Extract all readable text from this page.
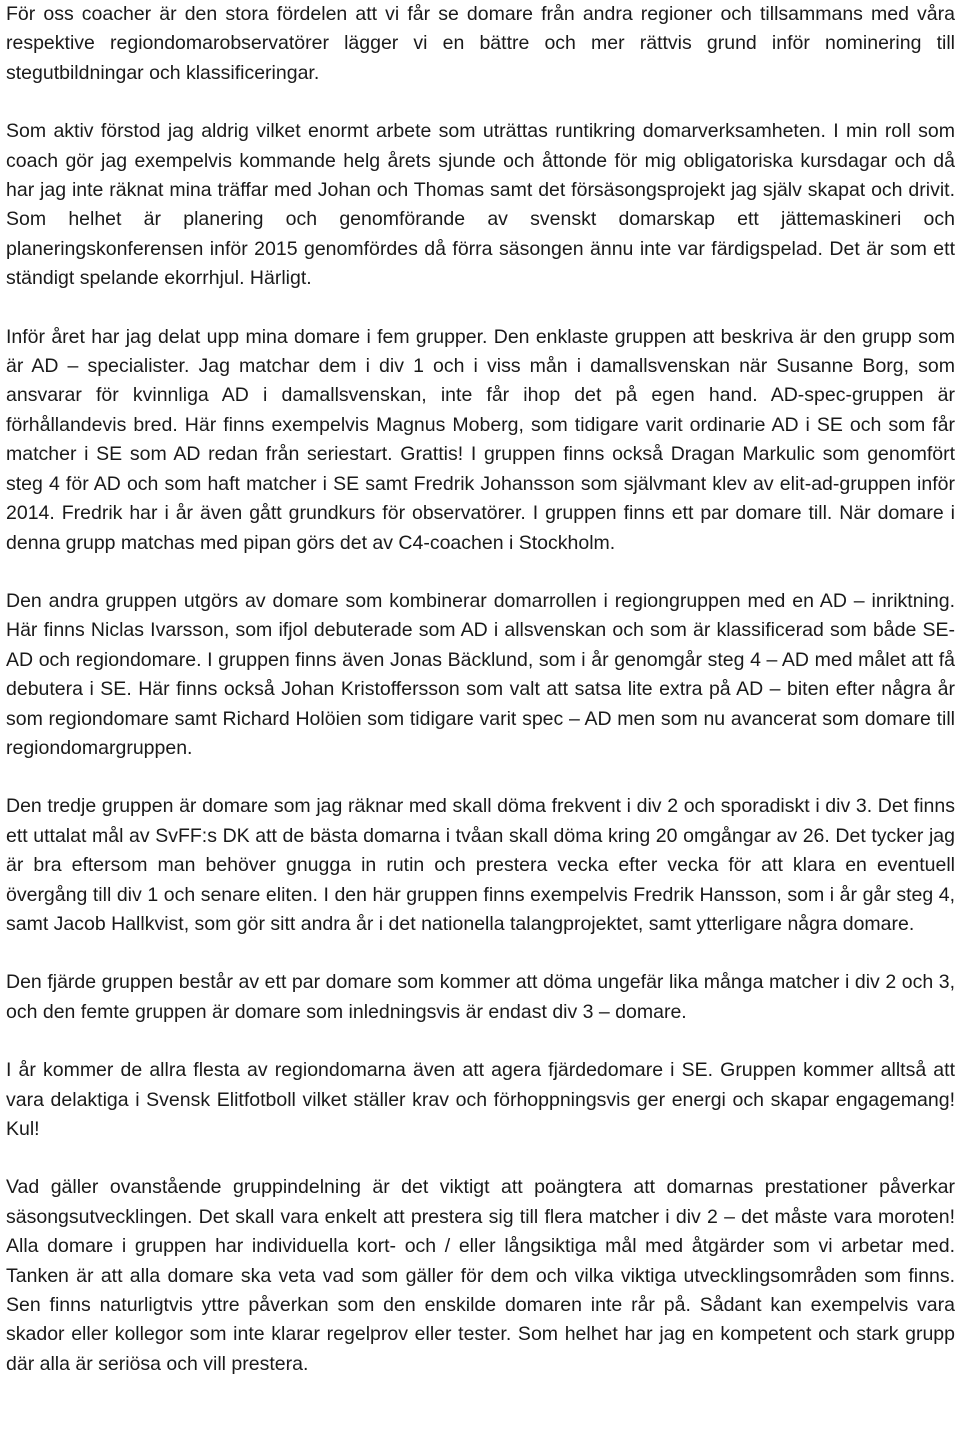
För oss coacher är den stora fördelen att vi får se domare från andra regioner och tillsammans med våra respektive regiondomarobservatörer lägger vi en bättre och mer rättvis grund inför nominering till stegutbildningar och klassificeringar.

Som aktiv förstod jag aldrig vilket enormt arbete som uträttas runtikring domarverksamheten. I min roll som coach gör jag exempelvis kommande helg årets sjunde och åttonde för mig obligatoriska kursdagar och då har jag inte räknat mina träffar med Johan och Thomas samt det försäsongsprojekt jag själv skapat och drivit. Som helhet är planering och genomförande av svenskt domarskap ett jättemaskineri och planeringskonferensen inför 2015 genomfördes då förra säsongen ännu inte var färdigspelad. Det är som ett ständigt spelande ekorrhjul. Härligt.

Inför året har jag delat upp mina domare i fem grupper. Den enklaste gruppen att beskriva är den grupp som är AD – specialister. Jag matchar dem i div 1 och i viss mån i damallsvenskan när Susanne Borg, som ansvarar för kvinnliga AD i damallsvenskan, inte får ihop det på egen hand. AD-spec-gruppen är förhållandevis bred. Här finns exempelvis Magnus Moberg, som tidigare varit ordinarie AD i SE och som får matcher i SE som AD redan från seriestart. Grattis! I gruppen finns också Dragan Markulic som genomfört steg 4 för AD och som haft matcher i SE samt Fredrik Johansson som självmant klev av elit-ad-gruppen inför 2014. Fredrik har i år även gått grundkurs för observatörer. I gruppen finns ett par domare till. När domare i denna grupp matchas med pipan görs det av C4-coachen i Stockholm.

Den andra gruppen utgörs av domare som kombinerar domarrollen i regiongruppen med en AD – inriktning. Här finns Niclas Ivarsson, som ifjol debuterade som AD i allsvenskan och som är klassificerad som både SE-AD och regiondomare. I gruppen finns även Jonas Bäcklund, som i år genomgår steg 4 – AD med målet att få debutera i SE. Här finns också Johan Kristoffersson som valt att satsa lite extra på AD – biten efter några år som regiondomare samt Richard Holöien som tidigare varit spec – AD men som nu avancerat som domare till regiondomargruppen.

Den tredje gruppen är domare som jag räknar med skall döma frekvent i div 2 och sporadiskt i div 3. Det finns ett uttalat mål av SvFF:s DK att de bästa domarna i tvåan skall döma kring 20 omgångar av 26. Det tycker jag är bra eftersom man behöver gnugga in rutin och prestera vecka efter vecka för att klara en eventuell övergång till div 1 och senare eliten. I den här gruppen finns exempelvis Fredrik Hansson, som i år går steg 4, samt Jacob Hallkvist, som gör sitt andra år i det nationella talangprojektet, samt ytterligare några domare.

Den fjärde gruppen består av ett par domare som kommer att döma ungefär lika många matcher i div 2 och 3, och den femte gruppen är domare som inledningsvis är endast div 3 – domare.

I år kommer de allra flesta av regiondomarna även att agera fjärdedomare i SE. Gruppen kommer alltså att vara delaktiga i Svensk Elitfotboll vilket ställer krav och förhoppningsvis ger energi och skapar engagemang! Kul!

Vad gäller ovanstående gruppindelning är det viktigt att poängtera att domarnas prestationer påverkar säsongsutvecklingen. Det skall vara enkelt att prestera sig till flera matcher i div 2 – det måste vara moroten! Alla domare i gruppen har individuella kort- och / eller långsiktiga mål med åtgärder som vi arbetar med. Tanken är att alla domare ska veta vad som gäller för dem och vilka viktiga utvecklingsområden som finns. Sen finns naturligtvis yttre påverkan som den enskilde domaren inte rår på. Sådant kan exempelvis vara skador eller kollegor som inte klarar regelprov eller tester. Som helhet har jag en kompetent och stark grupp där alla är seriösa och vill prestera.
